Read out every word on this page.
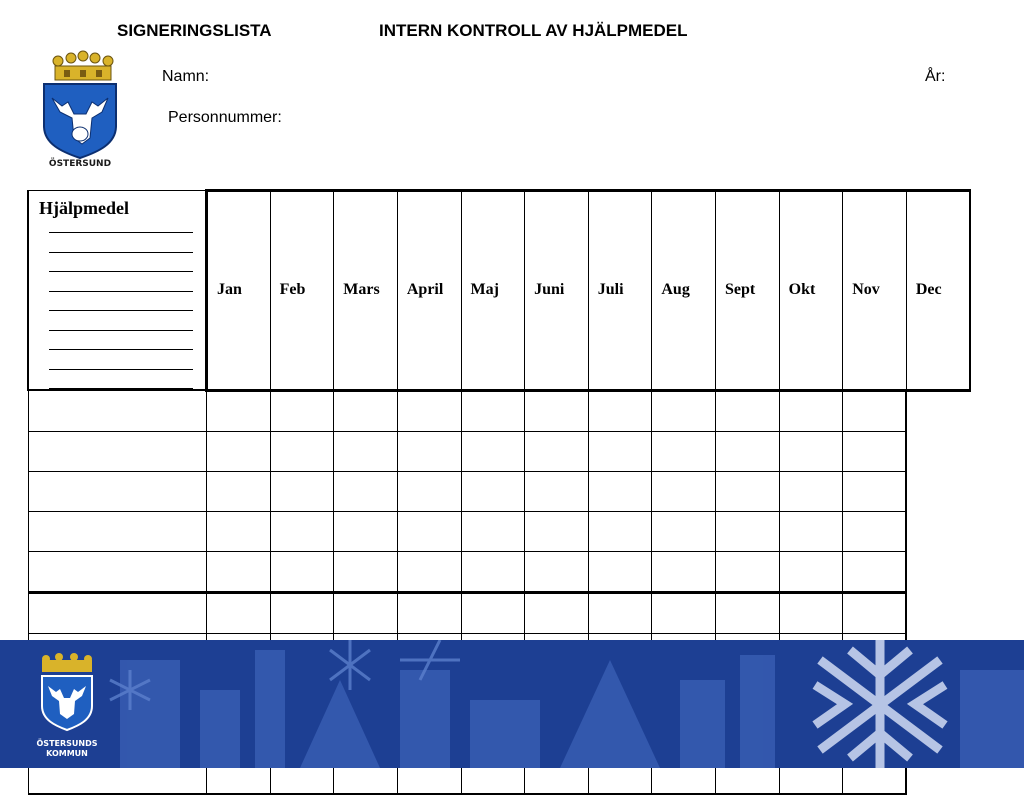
SIGNERINGSLISTA	INTERN KONTROLL AV HJÄLPMEDEL
ÖSTERSUND
Namn:	År:
Personnummer:
Hjälpmedel	Jan	Feb	Mars	April	Maj	Juni	Juli	Aug	Sept	Okt	Nov	Dec

ÖSTERSUNDS
KOMMUN
